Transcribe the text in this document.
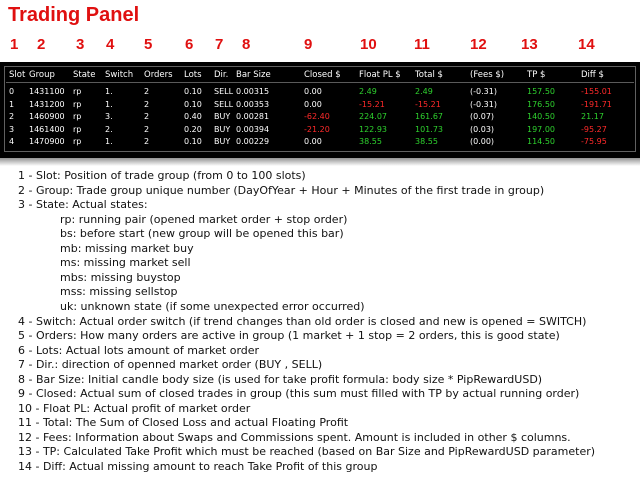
Trading Panel
1 2 3 4 5 6 7 8	9	10 11	12 13	14
Slot Group State Switch Orders Lots Dir. Bar Size	Closed $ Float PL $ Total $	(Fees $)	TP $	Diff $
0 1431100 rp	1.	2	0.10 SELL 0.00315	0.00	2.49	2.49	(-0.31)	157.50	-155.01
1 1431200 rp	1.	2	0.10 SELL 0.00353	0.00	-15.21	-15.21	(-0.31)	176.50	-191.71
2 1460900 rp	3.	2	0.40 BUY 0.00281	-62.40	224.07	161.67	(0.07)	140.50	21.17
3 1461400 rp	2.	2	0.20 BUY 0.00394	-21.20	122.93	101.73	(0.03)	197.00	-95.27
4 1470900 rp	1.	2	0.10 BUY 0.00229	0.00	38.55	38.55	(0.00)	114.50	-75.95
1 - Slot: Position of trade group (from 0 to 100 slots)
2 - Group: Trade group unique number (DayOfYear + Hour + Minutes of the first trade in group)
3 - State: Actual states:
rp: running pair (opened market order + stop order)
bs: before start (new group will be opened this bar)
mb: missing market buy
ms: missing market sell
mbs: missing buystop
mss: missing sellstop
uk: unknown state (if some unexpected error occurred)
4 - Switch: Actual order switch (if trend changes than old order is closed and new is opened = SWITCH)
5 - Orders: How many orders are active in group (1 market + 1 stop = 2 orders, this is good state)
6 - Lots: Actual lots amount of market order
7 - Dir.: direction of openned market order (BUY , SELL)
8 - Bar Size: Initial candle body size (is used for take profit formula: body size * PipRewardUSD)
9 - Closed: Actual sum of closed trades in group (this sum must filled with TP by actual running order)
10 - Float PL: Actual profit of market order
11 - Total: The Sum of Closed Loss and actual Floating Profit
12 - Fees: Information about Swaps and Commissions spent. Amount is included in other $ columns.
13 - TP: Calculated Take Profit which must be reached (based on Bar Size and PipRewardUSD parameter)
14 - Diff: Actual missing amount to reach Take Profit of this group
